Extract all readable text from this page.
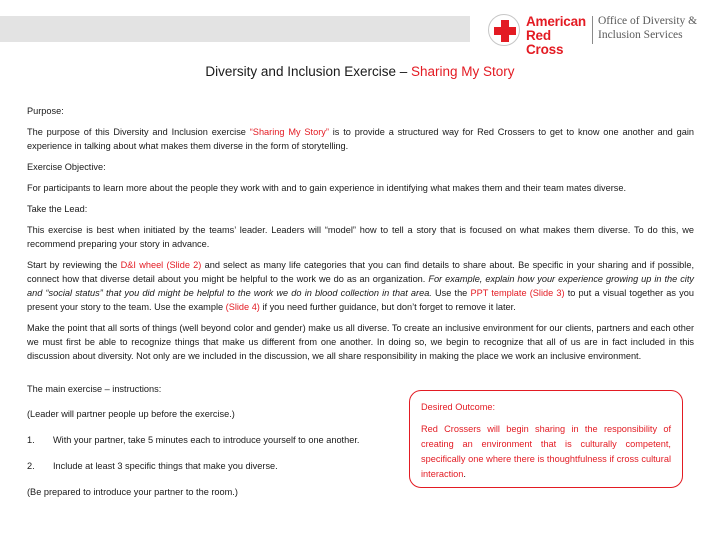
American Red Cross
Office of Diversity & Inclusion Services
Diversity and Inclusion Exercise – Sharing My Story

Purpose:

The purpose of this Diversity and Inclusion exercise “Sharing My Story” is to provide a structured way for Red Crossers to get to know one another and gain experience in talking about what makes them diverse in the form of storytelling.

Exercise Objective:

For participants to learn more about the people they work with and to gain experience in identifying what makes them and their team mates diverse.

Take the Lead:

This exercise is best when initiated by the teams’ leader. Leaders will “model” how to tell a story that is focused on what makes them diverse. To do this, we recommend preparing your story in advance.

Start by reviewing the D&I wheel (Slide 2) and select as many life categories that you can find details to share about. Be specific in your sharing and if possible, connect how that diverse detail about you might be helpful to the work we do as an organization. For example, explain how your experience growing up in the city and “social status” that you did might be helpful to the work we do in blood collection in that area. Use the PPT template (Slide 3) to put a visual together as you present your story to the team. Use the example (Slide 4) if you need further guidance, but don’t forget to remove it later.

Make the point that all sorts of things (well beyond color and gender) make us all diverse. To create an inclusive environment for our clients, partners and each other we must first be able to recognize things that make us different from one another. In doing so, we begin to recognize that all of us are in fact included in this discussion about diversity. Not only are we included in the discussion, we all share responsibility in making the place we work an inclusive environment.

The main exercise – instructions:
(Leader will partner people up before the exercise.)
1. With your partner, take 5 minutes each to introduce yourself to one another.
2. Include at least 3 specific things that make you diverse.
(Be prepared to introduce your partner to the room.)
Desired Outcome:
Red Crossers will begin sharing in the responsibility of creating an environment that is culturally competent, specifically one where there is thoughtfulness if cross cultural interaction.
